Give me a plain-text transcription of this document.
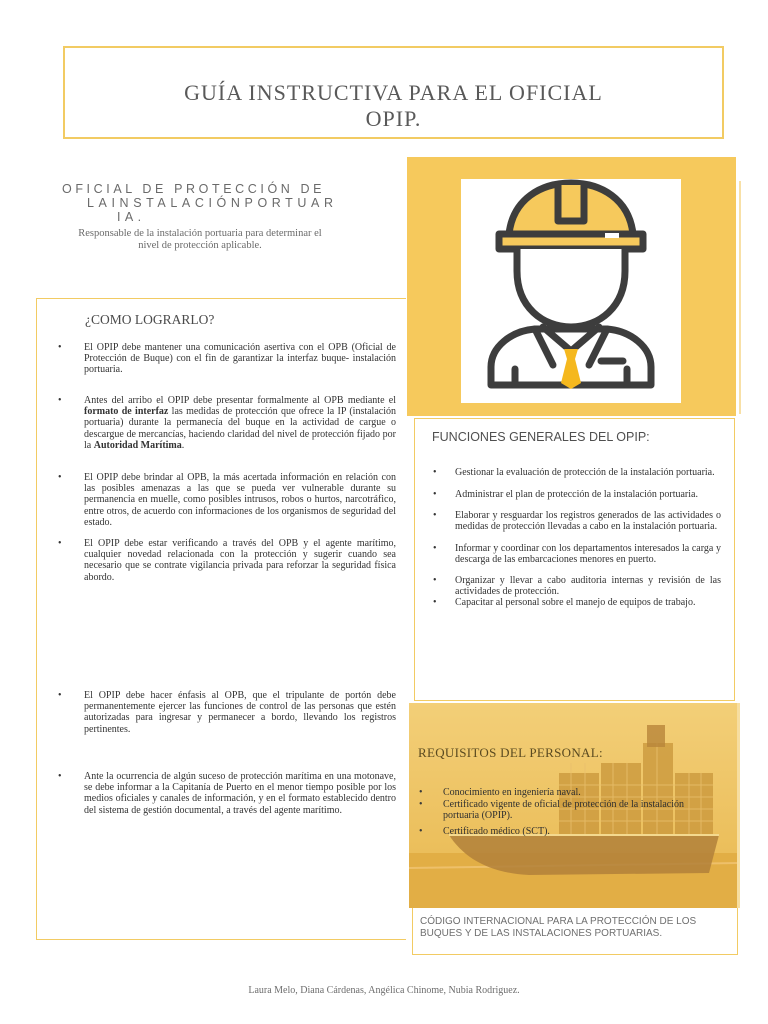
GUÍA INSTRUCTIVA PARA EL OFICIAL
OPIP.
OFICIAL DE PROTECCIÓN DE
LAINSTALACIÓNPORTUAR
IA.
Responsable de la instalación portuaria para determinar el nivel de protección aplicable.
¿COMO LOGRARLO?
• El OPIP debe mantener una comunicación asertiva con el OPB (Oficial de Protección de Buque) con el fin de garantizar la interfaz buque- instalación portuaria.
• Antes del arribo el OPIP debe presentar formalmente al OPB mediante el formato de interfaz las medidas de protección que ofrece la IP (instalación portuaria) durante la permanecía del buque en la actividad de cargue o descargue de mercancías, haciendo claridad del nivel de protección fijado por la Autoridad Marítima.
• El OPIP debe brindar al OPB, la más acertada información en relación con las posibles amenazas a las que se pueda ver vulnerable durante su permanencia en muelle, como posibles intrusos, robos o hurtos, narcotráfico, entre otros, de acuerdo con informaciones de los organismos de seguridad del estado.
• El OPIP debe estar verificando a través del OPB y el agente marítimo, cualquier novedad relacionada con la protección y sugerir cuando sea necesario que se contrate vigilancia privada para reforzar la seguridad física abordo.
• El OPIP debe hacer énfasis al OPB, que el tripulante de portón debe permanentemente ejercer las funciones de control de las personas que estén autorizadas para ingresar y permanecer a bordo, llevando los registros pertinentes.
• Ante la ocurrencia de algún suceso de protección marítima en una motonave, se debe informar a la Capitanía de Puerto en el menor tiempo posible por los medios oficiales y canales de información, y en el formato establecido dentro del sistema de gestión documental, a través del agente marítimo.
FUNCIONES GENERALES DEL OPIP:
• Gestionar la evaluación de protección de la instalación portuaria.
• Administrar el plan de protección de la instalación portuaria.
• Elaborar y resguardar los registros generados de las actividades o medidas de protección llevadas a cabo en la instalación portuaria.
• Informar y coordinar con los departamentos interesados la carga y descarga de las embarcaciones menores en puerto.
• Organizar y llevar a cabo auditoria internas y revisión de las actividades de protección.
• Capacitar al personal sobre el manejo de equipos de trabajo.
REQUISITOS DEL PERSONAL:
• Conocimiento en ingeniería naval.
• Certificado vigente de oficial de protección de la instalación portuaria (OPIP).
• Certificado médico (SCT).
CÓDIGO INTERNACIONAL PARA LA PROTECCIÓN DE LOS BUQUES Y DE LAS INSTALACIONES PORTUARIAS.
Laura Melo, Diana Cárdenas, Angélica Chinome, Nubia Rodriguez.
